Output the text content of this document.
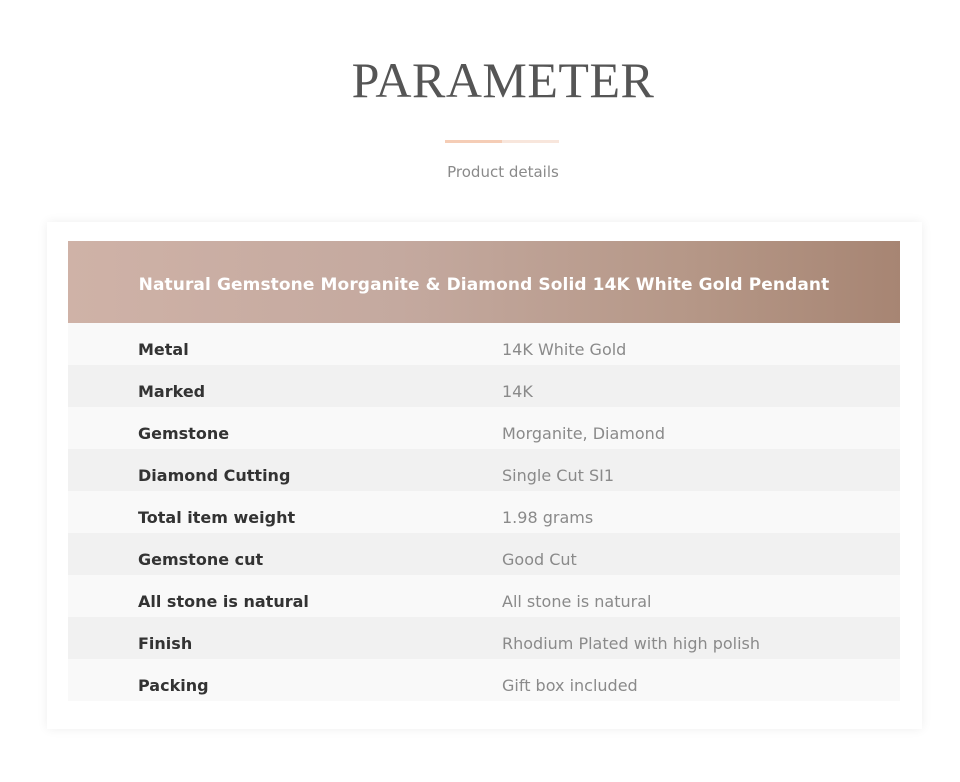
PARAMETER
Product details
Natural Gemstone Morganite & Diamond Solid 14K White Gold Pendant
Metal	14K White Gold
Marked	14K
Gemstone	Morganite, Diamond
Diamond Cutting	Single Cut SI1
Total item weight	1.98 grams
Gemstone cut	Good Cut
All stone is natural	All stone is natural
Finish	Rhodium Plated with high polish
Packing	Gift box included
